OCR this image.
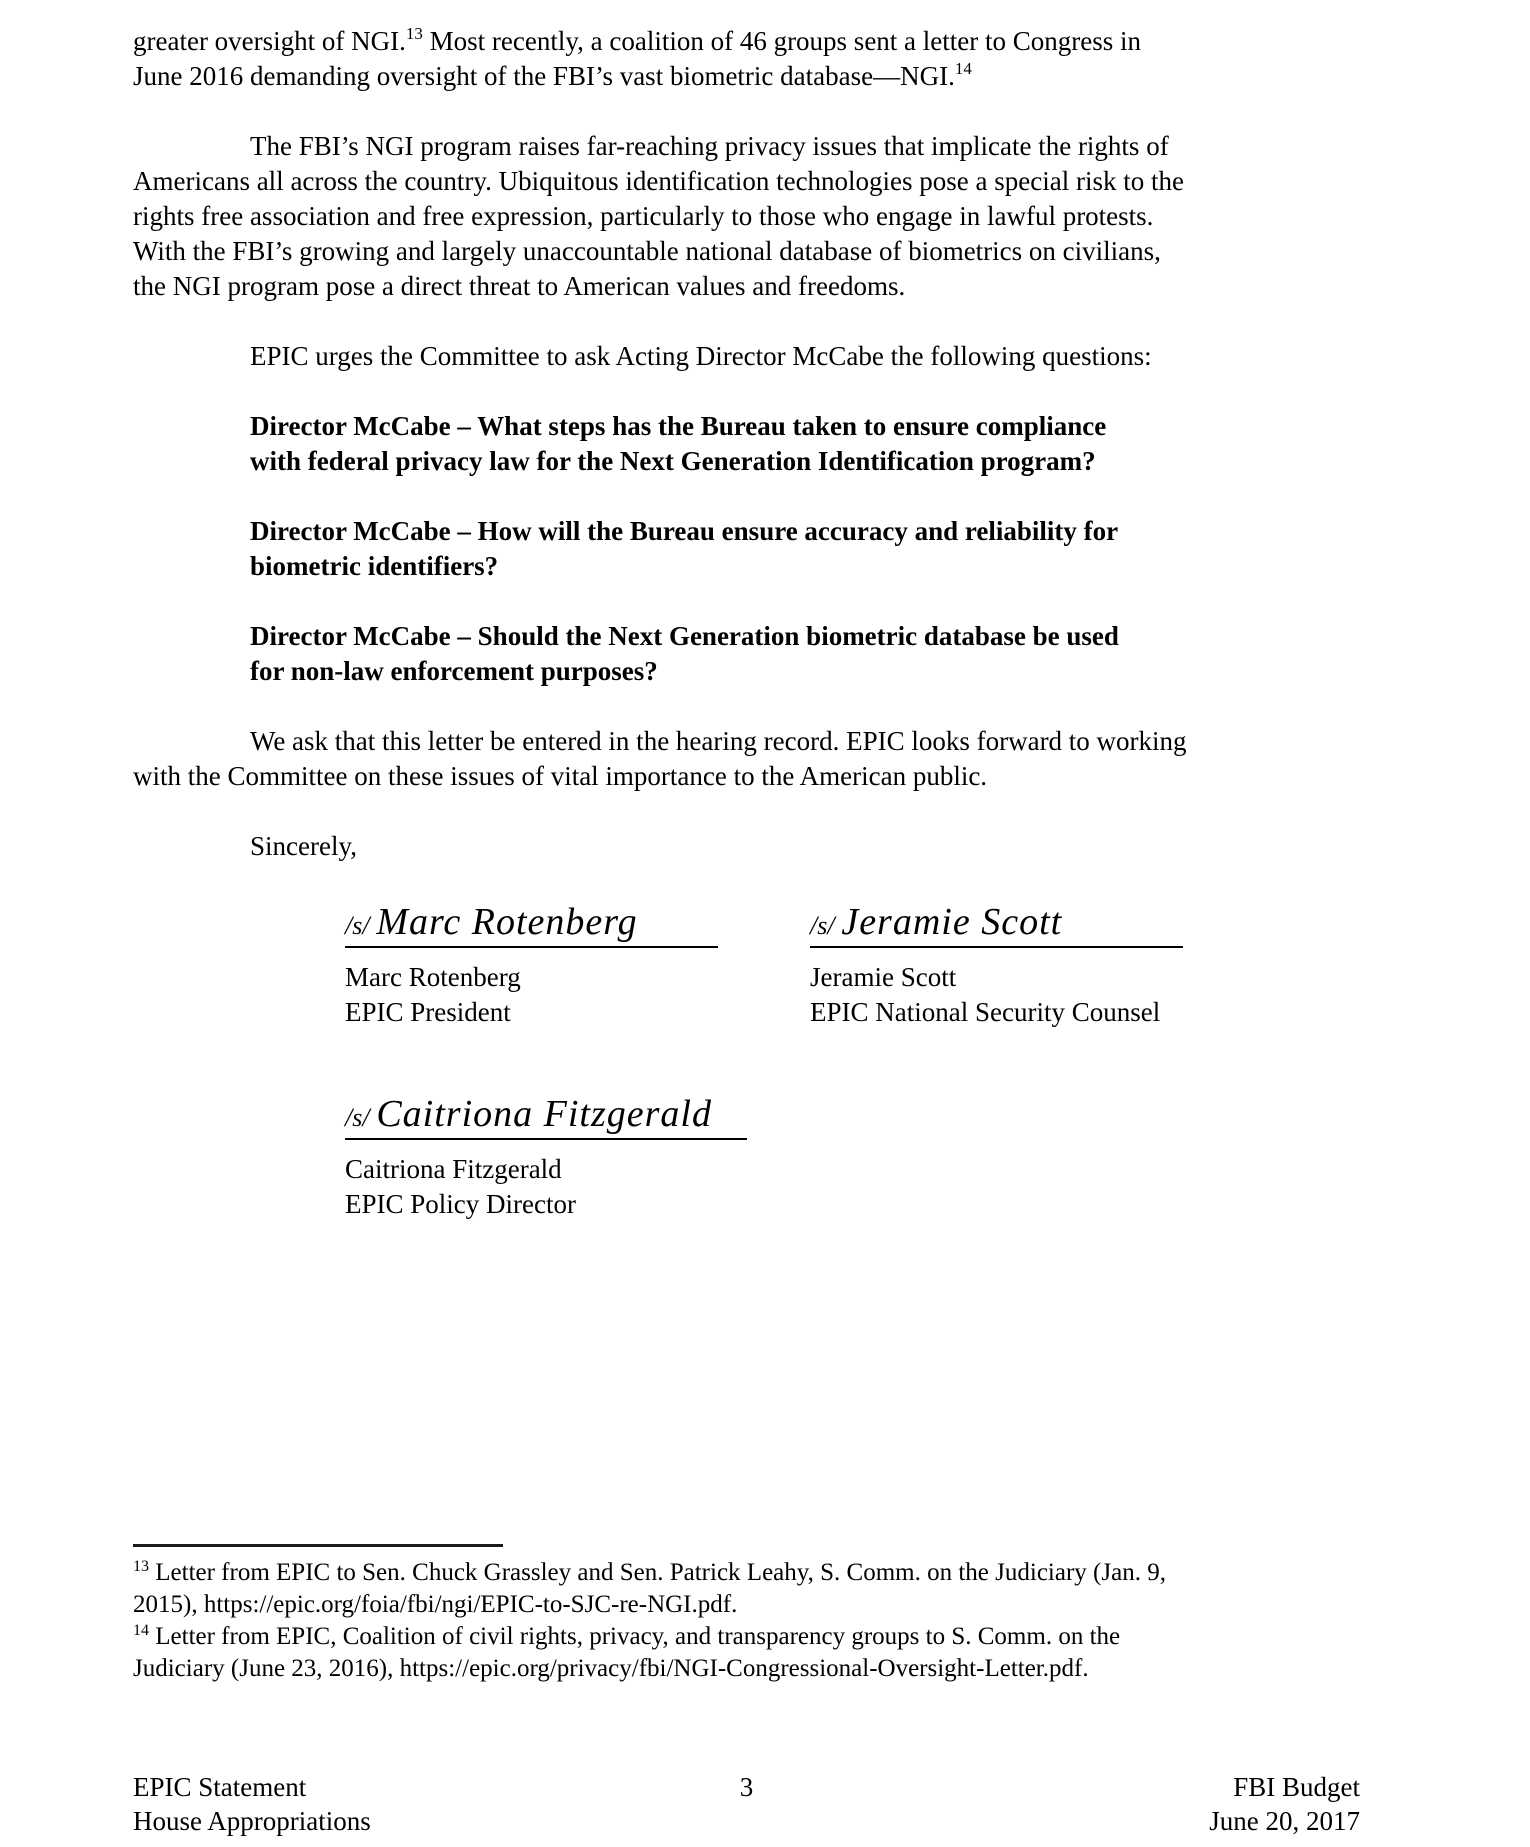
greater oversight of NGI.$^{13}$ Most recently, a coalition of 46 groups sent a letter to Congress in
June 2016 demanding oversight of the FBI’s vast biometric database—NGI.$^{14}$

The FBI’s NGI program raises far-reaching privacy issues that implicate the rights of
Americans all across the country. Ubiquitous identification technologies pose a special risk to the
rights free association and free expression, particularly to those who engage in lawful protests.
With the FBI’s growing and largely unaccountable national database of biometrics on civilians,
the NGI program pose a direct threat to American values and freedoms.

EPIC urges the Committee to ask Acting Director McCabe the following questions:

Director McCabe – What steps has the Bureau taken to ensure compliance
with federal privacy law for the Next Generation Identification program?
Director McCabe – How will the Bureau ensure accuracy and reliability for
biometric identifiers?
Director McCabe – Should the Next Generation biometric database be used
for non-law enforcement purposes?

We ask that this letter be entered in the hearing record. EPIC looks forward to working
with the Committee on these issues of vital importance to the American public.

Sincerely,

/s/ Marc Rotenberg
Marc Rotenberg
EPIC President
/s/ Jeramie Scott
Jeramie Scott
EPIC National Security Counsel
/s/ Caitriona Fitzgerald
Caitriona Fitzgerald
EPIC Policy Director
$^{13}$ Letter from EPIC to Sen. Chuck Grassley and Sen. Patrick Leahy, S. Comm. on the Judiciary (Jan. 9,
2015), https://epic.org/foia/fbi/ngi/EPIC-to-SJC-re-NGI.pdf.
$^{14}$ Letter from EPIC, Coalition of civil rights, privacy, and transparency groups to S. Comm. on the
Judiciary (June 23, 2016), https://epic.org/privacy/fbi/NGI-Congressional-Oversight-Letter.pdf.
EPIC Statement
House Appropriations
3	FBI Budget
June 20, 2017
